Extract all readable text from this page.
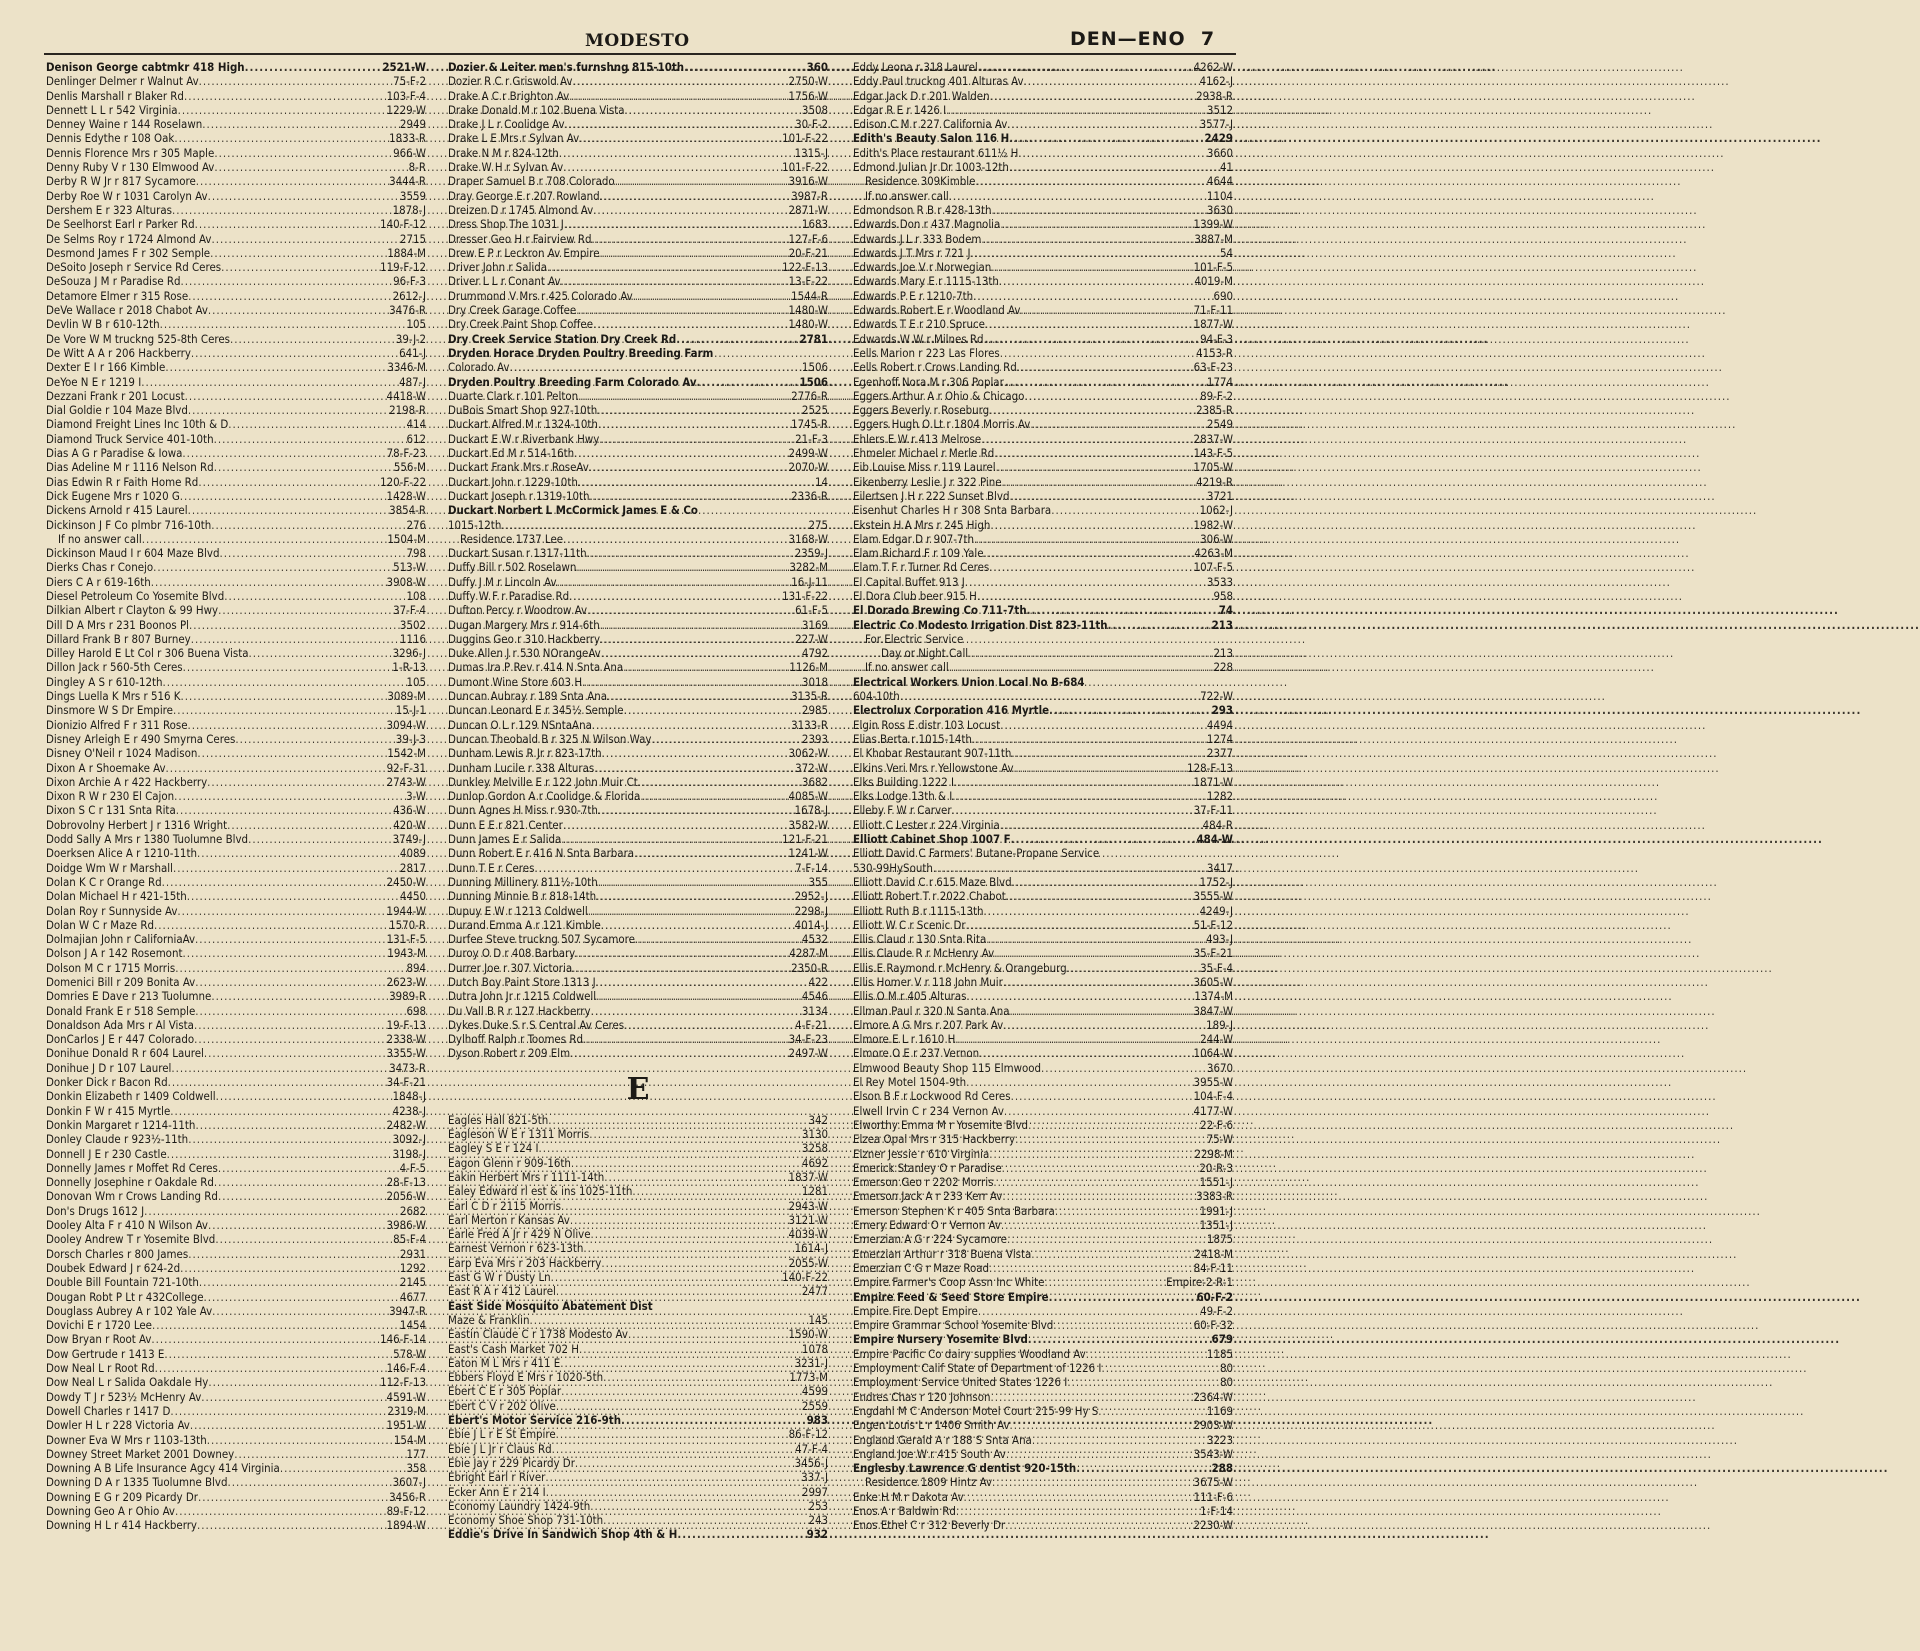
MODESTO	DEN—ENO 7
Denison George cabtmkr 418 High .....	2521-W
Denlinger Delmer r Walnut Av .....	75-F-2
Denlis Marshall r Blaker Rd .....	103-F-4
Dennett L L r 542 Virginia .....	1229-W
Denney Waine r 144 Roselawn .....	2949
Dennis Edythe r 108 Oak .....	1833-R
Dennis Florence Mrs r 305 Maple .....	966-W
Denny Ruby V r 130 Elmwood Av .....	8-R
Derby R W Jr r 817 Sycamore .....	3444-R
Derby Roe W r 1031 Carolyn Av .....	3559
Dershem E r 323 Alturas .....	1878-J
De Seelhorst Earl r Parker Rd .....	140-F-12
De Selms Roy r 1724 Almond Av .....	2715
Desmond James F r 302 Semple .....	1884-M
DeSoito Joseph r Service Rd Ceres .....	119-F-12
DeSouza J M r Paradise Rd .....	96-F-3
Detamore Elmer r 315 Rose .....	2612-J
DeVe Wallace r 2018 Chabot Av .....	3476-R
Devlin W B r 610-12th .....	105
De Vore W M truckng 525-8th Ceres .....	39-J-2
De Witt A A r 206 Hackberry .....	641-J
Dexter E I r 166 Kimble .....	3346-M
DeYoe N E r 1219 I .....	487-J
Dezzani Frank r 201 Locust .....	4418-W
Dial Goldie r 104 Maze Blvd .....	2198-R
Diamond Freight Lines Inc 10th & D .....	414
Diamond Truck Service 401-10th .....	612
Dias A G r Paradise & Iowa .....	78-F-23
Dias Adeline M r 1116 Nelson Rd .....	556-M
Dias Edwin R r Faith Home Rd .....	120-F-22
Dick Eugene Mrs r 1020 G .....	1428-W
Dickens Arnold r 415 Laurel .....	3854-R
Dickinson J F Co plmbr 716-10th .....	276
If no answer call .....	1504-M
Dickinson Maud I r 604 Maze Blvd .....	798
Dierks Chas r Conejo .....	513-W
Diers C A r 619-16th .....	3908-W
Diesel Petroleum Co Yosemite Blvd .....	108
Dilkian Albert r Clayton & 99 Hwy .....	37-F-4
Dill D A Mrs r 231 Boonos Pl .....	3502
Dillard Frank B r 807 Burney .....	1116
Dilley Harold E Lt Col r 306 Buena Vista .....	3296-J
Dillon Jack r 560-5th Ceres .....	1-R-13
Dingley A S r 610-12th .....	105
Dings Luella K Mrs r 516 K .....	3089-M
Dinsmore W S Dr Empire .....	15-J-1
Dionizio Alfred F r 311 Rose .....	3094-W
Disney Arleigh E r 490 Smyrna Ceres .....	39-J-3
Disney O'Neil r 1024 Madison .....	1542-M
Dixon A r Shoemake Av .....	92-F-31
Dixon Archie A r 422 Hackberry .....	2743-W
Dixon R W r 230 El Cajon .....	3-W
Dixon S C r 131 Snta Rita .....	436-W
Dobrovolny Herbert J r 1316 Wright .....	420-W
Dodd Sally A Mrs r 1380 Tuolumne Blvd .....	3749-J
Doerksen Alice A r 1210-11th .....	4089
Doidge Wm W r Marshall .....	2817
Dolan K C r Orange Rd .....	2450-W
Dolan Michael H r 421-15th .....	4450
Dolan Roy r Sunnyside Av .....	1944-W
Dolan W C r Maze Rd .....	1570-R
Dolmajian John r CaliforniaAv .....	131-F-5
Dolson J A r 142 Rosemont .....	1943-M
Dolson M C r 1715 Morris .....	894
Domenici Bill r 209 Bonita Av .....	2623-W
Domries E Dave r 213 Tuolumne .....	3989-R
Donald Frank E r 518 Semple .....	698
Donaldson Ada Mrs r Al Vista .....	19-F-13
DonCarlos J E r 447 Colorado .....	2338-W
Donihue Donald R r 604 Laurel .....	3355-W
Donihue J D r 107 Laurel .....	3473-R
Donker Dick r Bacon Rd .....	34-F-21
Donkin Elizabeth r 1409 Coldwell .....	1848-J
Donkin F W r 415 Myrtle .....	4238-J
Donkin Margaret r 1214-11th .....	2482-W
Donley Claude r 923½-11th .....	3092-J
Donnell J E r 230 Castle .....	3198-J
Donnelly James r Moffet Rd Ceres .....	4-F-5
Donnelly Josephine r Oakdale Rd .....	28-F-13
Donovan Wm r Crows Landing Rd .....	2056-W
Don's Drugs 1612 J .....	2682
Dooley Alta F r 410 N Wilson Av .....	3986-W
Dooley Andrew T r Yosemite Blvd .....	85-F-4
Dorsch Charles r 800 James .....	2931
Doubek Edward J r 624-2d .....	1292
Double Bill Fountain 721-10th .....	2145
Dougan Robt P Lt r 432College .....	4677
Douglass Aubrey A r 102 Yale Av .....	3947-R
Dovichi E r 1720 Lee .....	1454
Dow Bryan r Root Av .....	146-F-14
Dow Gertrude r 1413 E .....	578-W
Dow Neal L r Root Rd .....	146-F-4
Dow Neal L r Salida Oakdale Hy .....	112-F-13
Dowdy T J r 523½ McHenry Av .....	4591-W
Dowell Charles r 1417 D .....	2319-M
Dowler H L r 228 Victoria Av .....	1951-W
Downer Eva W Mrs r 1103-13th .....	154-M
Downey Street Market 2001 Downey .....	177
Downing A B Life Insurance Agcy 414 Virginia .....	358
Downing D A r 1335 Tuolumne Blvd .....	3607-J
Downing E G r 209 Picardy Dr .....	3456-R
Downing Geo A r Ohio Av .....	89-F-12
Downing H L r 414 Hackberry .....	1894-W
Dozier & Leiter men's furnshng 815-10th .....	360
Dozier R C r Griswold Av .....	2750-W
Drake A C r Brighton Av .....	1756-W
Drake Donald M r 102 Buena Vista .....	3508
Drake J L r Coolidge Av .....	30-F-2
Drake L E Mrs r Sylvan Av .....	101-F-22
Drake N M r 824-12th .....	1315-J
Drake W H r Sylvan Av .....	101-F-22
Draper Samuel B r 708 Colorado .....	3916-W
Dray George E r 207 Rowland .....	3987-R
Dreizen D r 1745 Almond Av .....	2871-W
Dress Shop The 1031 J .....	1683
Dresser Geo H r Fairview Rd .....	127-F-6
Drew E P r Leckron Av Empire .....	20-F-21
Driver John r Salida .....	122-F-13
Driver L L r Conant Av .....	13-F-22
Drummond V Mrs r 425 Colorado Av .....	1544-R
Dry Creek Garage Coffee .....	1480-W
Dry Creek Paint Shop Coffee .....	1480-W
Dry Creek Service Station Dry Creek Rd .....	2781
Dryden Horace Dryden Poultry Breeding Farm
Colorado Av .....	1506
Dryden Poultry Breeding Farm Colorado Av .....	1506
Duarte Clark r 101 Pelton .....	2776-R
DuBois Smart Shop 927-10th .....	2525
Duckart Alfred M r 1324-10th .....	1745-R
Duckart E W r Riverbank Hwy .....	21-F-3
Duckart Ed M r 514-16th .....	2499-W
Duckart Frank Mrs r RoseAv .....	2070-W
Duckart John r 1229-10th .....	14
Duckart Joseph r 1319-10th .....	2336-R
Duckart Norbert L McCormick James E & Co
1015-12th .....	275
Residence 1737 Lee .....	3168-W
Duckart Susan r 1317-11th .....	2359-J
Duffy Bill r 502 Roselawn .....	3282-M
Duffy J M r Lincoln Av .....	16-J-11
Duffy W F r Paradise Rd .....	131-F-22
Dufton Percy r Woodrow Av .....	61-F-5
Dugan Margery Mrs r 914-6th .....	3169
Duggins Geo r 310 Hackberry .....	227-W
Duke Allen J r 530 NOrangeAv .....	4792
Dumas Ira P Rev r 414 N Snta Ana .....	1126-M
Dumont Wine Store 603 H .....	3018
Duncan Aubray r 189 Snta Ana .....	3135-R
Duncan Leonard E r 345½ Semple .....	2985
Duncan O L r 129 NSntaAna .....	3133-R
Duncan Theobald B r 325 N Wilson Way .....	2393
Dunham Lewis R Jr r 823-17th .....	3062-W
Dunham Lucile r 338 Alturas .....	372-W
Dunkley Melville E r 122 John Muir Ct .....	3682
Dunlop Gordon A r Coolidge & Florida .....	4085-W
Dunn Agnes H Miss r 930-7th .....	1678-J
Dunn E E r 821 Center .....	3582-W
Dunn James E r Salida .....	121-F-21
Dunn Robert E r 416 N Snta Barbara .....	1241-W
Dunn T E r Ceres .....	7-F-14
Dunning Millinery 811½-10th .....	355
Dunning Minnie B r 818-14th .....	2952-J
Dupuy E W r 1213 Coldwell .....	2298-J
Durand Emma A r 121 Kimble .....	4014-J
Durfee Steve truckng 507 Sycamore .....	4532
Duroy O D r 408 Barbary .....	4287-M
Durrer Joe r 307 Victoria .....	2350-R
Dutch Boy Paint Store 1313 J .....	422
Dutra John Jr r 1215 Coldwell .....	4546
Du Vall B R r 127 Hackberry .....	3134
Dykes Duke S r S Central Av Ceres .....	4-F-21
Dylhoff Ralph r Toomes Rd .....	34-F-23
Dyson Robert r 209 Elm .....	2497-W
E
Eagles Hall 821-5th .....	342
Eagleson W E r 1311 Morris .....	3130
Eagley S E r 124 I .....	3258
Eagon Glenn r 909-16th .....	4692
Eakin Herbert Mrs r 1111-14th .....	1837-W
Ealey Edward rl est & ins 1025-11th .....	1281
Earl C D r 2115 Morris .....	2943-W
Earl Merton r Kansas Av .....	3121-W
Earle Fred A Jr r 429 N Olive .....	4039-W
Earnest Vernon r 623-13th .....	1614-J
Earp Eva Mrs r 203 Hackberry .....	2055-W
East G W r Dusty Ln .....	140-F-22
East R A r 412 Laurel .....	2477
East Side Mosquito Abatement Dist
Maze & Franklin .....	145
Eastin Claude C r 1738 Modesto Av .....	1590-W
East's Cash Market 702 H .....	1078
Eaton M L Mrs r 411 E .....	3231-J
Ebbers Floyd E Mrs r 1020-5th .....	1773-M
Ebert C E r 305 Poplar .....	4599
Ebert C V r 202 Olive .....	2559
Ebert's Motor Service 216-9th .....	983
Ebie J L r E St Empire .....	86-F-12
Ebie J L Jr r Claus Rd .....	47-F-4
Ebie Jay r 229 Picardy Dr .....	3456-J
Ebright Earl r River .....	337-J
Ecker Ann E r 214 I .....	2997
Economy Laundry 1424-9th .....	253
Economy Shoe Shop 731-10th .....	243
Eddie's Drive In Sandwich Shop 4th & H .....	932
Eddy Leona r 318 Laurel .....	4262-W
Eddy Paul truckng 401 Alturas Av .....	4162-J
Edgar Jack D r 201 Walden .....	2938-R
Edgar R E r 1426 I .....	3512
Edison C M r 227 California Av .....	3577-J
Edith's Beauty Salon 116 H .....	2429
Edith's Place restaurant 611½ H .....	3660
Edmond Julian Jr Dr 1003-12th .....	41
Residence 309Kimble .....	4644
If no answer call .....	1104
Edmondson R B r 428-13th .....	3630
Edwards Don r 437 Magnolia .....	1399-W
Edwards J L r 333 Bodem .....	3887-M
Edwards J T Mrs r 721 J .....	54
Edwards Joe V r Norwegian .....	101-F-5
Edwards Mary E r 1115-13th .....	4019-M
Edwards P E r 1210-7th .....	690
Edwards Robert E r Woodland Av .....	71-F-11
Edwards T E r 210 Spruce .....	1877-W
Edwards W W r Milnes Rd .....	94-F-3
Eells Marion r 223 Las Flores .....	4153-R
Eells Robert r Crows Landing Rd .....	63-F-23
Egenhoff Nora M r 306 Poplar .....	1774
Eggers Arthur A r Ohio & Chicago .....	89-F-2
Eggers Beverly r Roseburg .....	2385-R
Eggers Hugh O Lt r 1804 Morris Av .....	2549
Ehlers E W r 413 Melrose .....	2837-W
Ehmeler Michael r Merle Rd .....	143-F-5
Eib Louise Miss r 119 Laurel .....	1705-W
Eikenberry Leslie J r 322 Pine .....	4219-R
Eilertsen J H r 222 Sunset Blvd .....	3721
Eisenhut Charles H r 308 Snta Barbara .....	1062-J
Ekstein H A Mrs r 245 High .....	1982-W
Elam Edgar D r 907-7th .....	306-W
Elam Richard F r 109 Yale .....	4263-M
Elam T F r Turner Rd Ceres .....	107-F-5
El Capital Buffet 913 J .....	3533
El Dora Club beer 915 H .....	958
El Dorado Brewing Co 711-7th .....	74
Electric Co Modesto Irrigation Dist 823-11th .....	213
For Electric Service
Day or Night Call .....	213
If no answer call .....	228
Electrical Workers Union Local No B-684
604-10th .....	722-W
Electrolux Corporation 416 Myrtle .....	293
Elgin Ross E distr 103 Locust .....	4494
Elias Berta r 1015-14th .....	1274
El Khobar Restaurant 907-11th .....	2377
Elkins Veri Mrs r Yellowstone Av .....	128-F-13
Elks Building 1222 I .....	1871-W
Elks Lodge 13th & I .....	1282
Elleby F W r Carver .....	37-F-11
Elliott C Lester r 224 Virginia .....	484-R
Elliott Cabinet Shop 1007 F .....	484-W
Elliott David C Farmers' Butane-Propane Service
530-99HySouth .....	3417
Elliott David C r 615 Maze Blvd .....	1752-J
Elliott Robert T r 2022 Chabot .....	3555-W
Elliott Ruth B r 1115-13th .....	4249-J
Elliott W C r Scenic Dr .....	51-F-12
Ellis Claud r 130 Snta Rita .....	493-J
Ellis Claude R r McHenry Av .....	35-F-21
Ellis E Raymond r McHenry & Orangeburg .....	35-F-4
Ellis Homer V r 118 John Muir .....	3605-W
Ellis O M r 405 Alturas .....	1374-M
Ellman Paul r 320 N Santa Ana .....	3847-W
Elmore A G Mrs r 207 Park Av .....	189-J
Elmore E L r 1610 H .....	244-W
Elmore O E r 237 Vernon .....	1064-W
Elmwood Beauty Shop 115 Elmwood .....	3670
El Rey Motel 1504-9th .....	3955-W
Elson B F r Lockwood Rd Ceres .....	104-F-4
Elwell Irvin C r 234 Vernon Av .....	4177-W
Elworthy Emma M r Yosemite Blvd .....	22-F-6
Elzea Opal Mrs r 315 Hackberry .....	75-W
Elzner Jessie r 610 Virginia .....	2298-M
Emerick Stanley O r Paradise .....	20-R-3
Emerson Geo r 2202 Morris .....	1551-J
Emerson Jack A r 233 Kerr Av .....	3383-R
Emerson Stephen K r 405 Snta Barbara .....	1991-J
Emery Edward O r Vernon Av .....	1351-J
Emerzian A G r 224 Sycamore .....	1875
Emerzian Arthur r 318 Buena Vista .....	2418-M
Emerzian C G r Maze Road .....	84-F-11
Empire Farmer's Coop Assn Inc White .....	Empire-2-R-1
Empire Feed & Seed Store Empire .....	60-F-2
Empire Fire Dept Empire .....	49-F-2
Empire Grammar School Yosemite Blvd .....	60-F-32
Empire Nursery Yosemite Blvd .....	679
Empire Pacific Co dairy supplies Woodland Av .....	1185
Employment Calif State of Department of 1226 I .....	80
Employment Service United States 1226 I .....	80
Endres Chas r 120 Johnson .....	2364-W
Engdahl M C Anderson Motel Court 215-99 Hy S .....	1169
Engen Louis L r 1406 Smith Av .....	2903-W
England Gerald A r 188 S Snta Ana .....	3223
England Joe W r 415 South Av .....	3543-W
Englesby Lawrence G dentist 920-15th .....	288
Residence 1809 Hintz Av .....	3675-W
Enke H M r Dakota Av .....	111-F-6
Enos A r Baldwin Rd .....	1-F-14
Enos Ethel C r 312 Beverly Dr .....	2230-W
